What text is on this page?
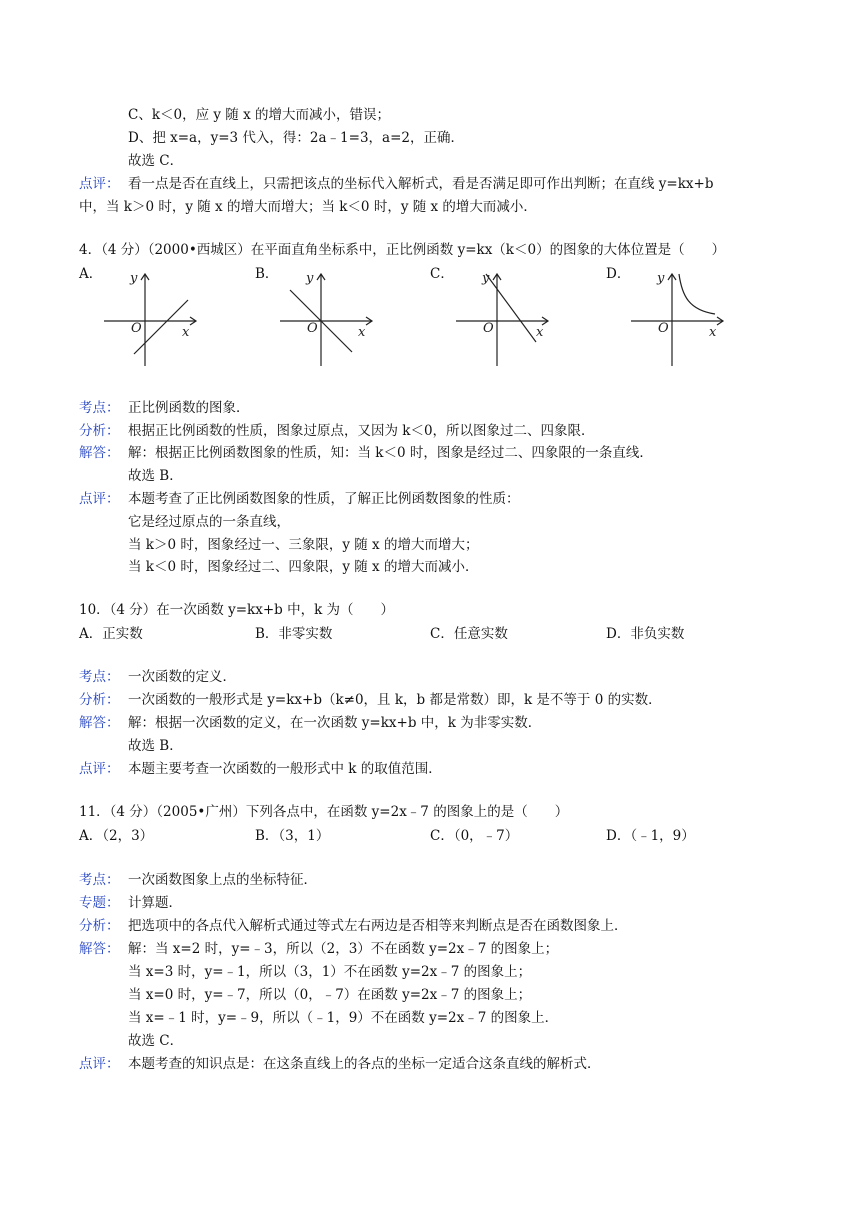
C、k＜0，应 y 随 x 的增大而减小，错误；
D、把 x=a，y=3 代入，得：2a﹣1=3，a=2，正确．
故选 C．
点评： 看一点是否在直线上，只需把该点的坐标代入解析式，看是否满足即可作出判断；在直线 y=kx+b
中，当 k＞0 时，y 随 x 的增大而增大；当 k＜0 时，y 随 x 的增大而减小．
4．（4 分）（2000•西城区）在平面直角坐标系中，正比例函数 y=kx（k＜0）的图象的大体位置是（　　）
A．	B．	C．	D．
y
x
O
y
x
O
y
x
O
y
x
O
考点： 正比例函数的图象．
分析： 根据正比例函数的性质，图象过原点，又因为 k＜0，所以图象过二、四象限．
解答： 解：根据正比例函数图象的性质，知：当 k＜0 时，图象是经过二、四象限的一条直线．
故选 B．
点评： 本题考查了正比例函数图象的性质，了解正比例函数图象的性质：
它是经过原点的一条直线，
当 k＞0 时，图象经过一、三象限，y 随 x 的增大而增大；
当 k＜0 时，图象经过二、四象限，y 随 x 的增大而减小．
10．（4 分）在一次函数 y=kx+b 中，k 为（　　）
A．正实数	B．非零实数	C．任意实数	D．非负实数
考点： 一次函数的定义．
分析： 一次函数的一般形式是 y=kx+b（k≠0，且 k，b 都是常数）即，k 是不等于 0 的实数．
解答： 解：根据一次函数的定义，在一次函数 y=kx+b 中，k 为非零实数．
故选 B．
点评： 本题主要考查一次函数的一般形式中 k 的取值范围．
11．（4 分）（2005•广州）下列各点中，在函数 y=2x﹣7 的图象上的是（　　）
A．（2，3）	B．（3，1）	C．（0，﹣7）	D．（﹣1，9）
考点： 一次函数图象上点的坐标特征．
专题： 计算题．
分析： 把选项中的各点代入解析式通过等式左右两边是否相等来判断点是否在函数图象上．
解答： 解：当 x=2 时，y=﹣3，所以（2，3）不在函数 y=2x﹣7 的图象上；
当 x=3 时，y=﹣1，所以（3，1）不在函数 y=2x﹣7 的图象上；
当 x=0 时，y=﹣7，所以（0，﹣7）在函数 y=2x﹣7 的图象上；
当 x=﹣1 时，y=﹣9，所以（﹣1，9）不在函数 y=2x﹣7 的图象上．
故选 C．
点评： 本题考查的知识点是：在这条直线上的各点的坐标一定适合这条直线的解析式．
